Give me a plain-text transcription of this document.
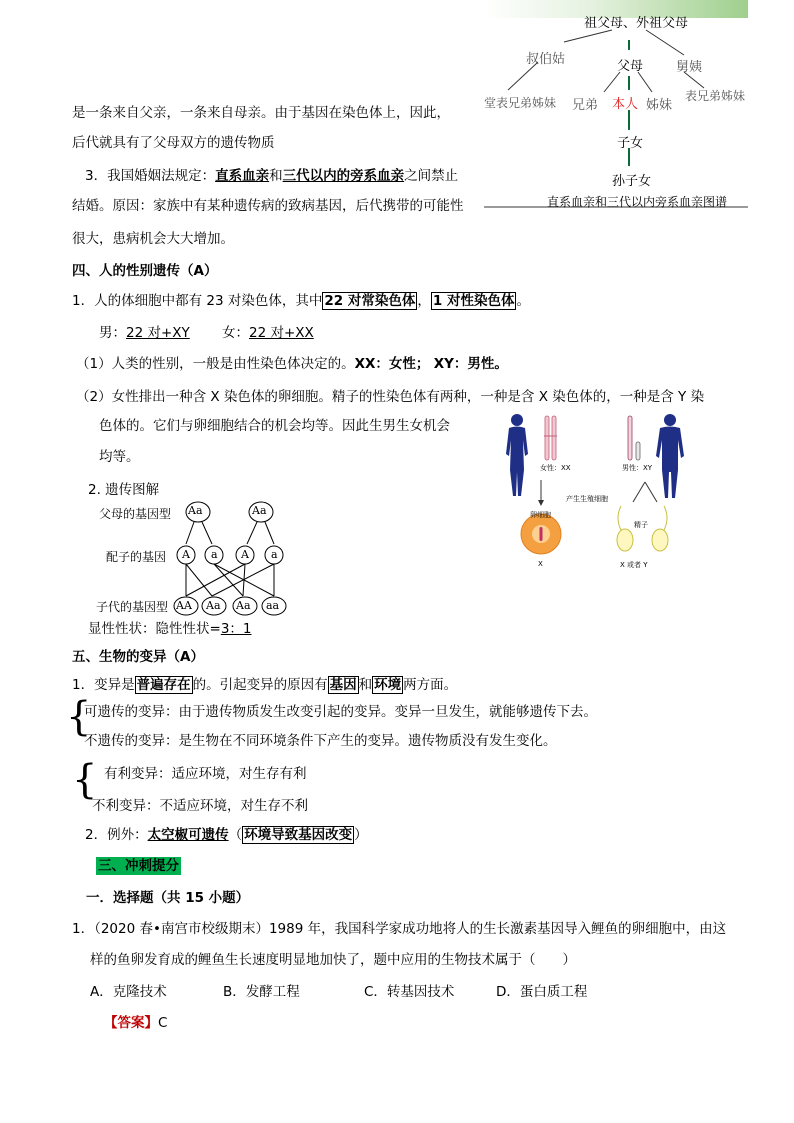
祖父母、外祖父母
叔伯姑	父母	舅姨
堂表兄弟姊妹 兄弟 本人 姊妹
表兄弟姊妹
子女
孙子女
直系血亲和三代以内旁系血亲图谱
是一条来自父亲，一条来自母亲。由于基因在染色体上，因此，
后代就具有了父母双方的遗传物质
3．我国婚姻法规定：直系血亲和三代以内的旁系血亲之间禁止
结婚。原因：家族中有某种遗传病的致病基因，后代携带的可能性
很大，患病机会大大增加。
四、人的性别遗传（A）
1．人的体细胞中都有 23 对染色体，其中 22 对常染色体 ， 1 对性染色体 。
男：22 对+XY 女：22 对+XX
（1）人类的性别，一般是由性染色体决定的。XX：女性； XY：男性。
（2）女性排出一种含 X 染色体的卵细胞。精子的性染色体有两种，一种是含 X 染色体的，一种是含 Y 染
色体的。它们与卵细胞结合的机会均等。因此生男生女机会
均等。
女性：XX	男性：XY
产生生殖细胞
卵细胞
精子
X	X 或者 Y
2. 遗传图解
父母的基因型
配子的基因
子代的基因型
Aa	Aa
A a A a
AA Aa Aa aa
显性性状：隐性性状=3：1
五、生物的变异（A）
1．变异是 普遍存在 的。引起变异的原因有 基因 和 环境 两方面。
{
可遗传的变异：由于遗传物质发生改变引起的变异。变异一旦发生，就能够遗传下去。
不遗传的变异：是生物在不同环境条件下产生的变异。遗传物质没有发生变化。
{ 有利变异：适应环境，对生存有利
不利变异：不适应环境，对生存不利
2．例外：太空椒可遗传（ 环境导致基因改变 ）
三、冲刺提分
一．选择题（共 15 小题）
1．（2020 春•南宫市校级期末）1989 年，我国科学家成功地将人的生长激素基因导入鲤鱼的卵细胞中，由这
样的鱼卵发育成的鲤鱼生长速度明显地加快了，题中应用的生物技术属于（　　）
A．克隆技术	B．发酵工程	C．转基因技术	D．蛋白质工程
【答案】C
